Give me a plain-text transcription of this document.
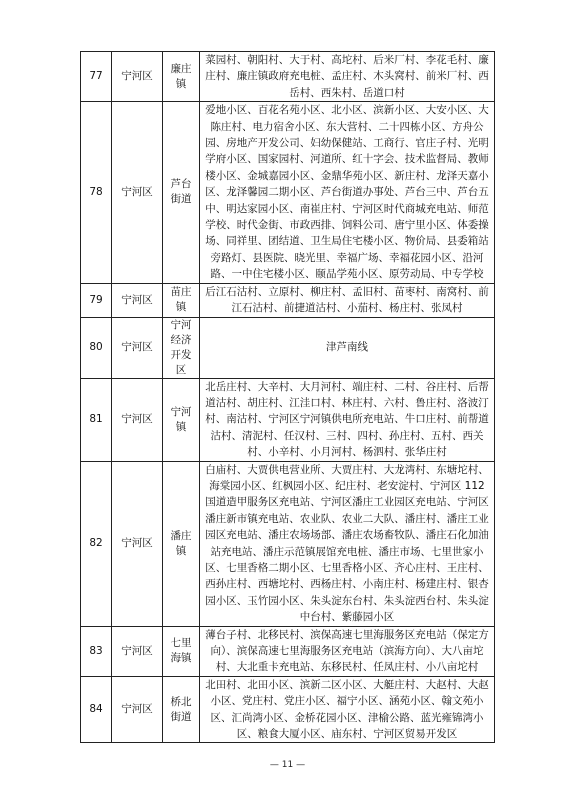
77	宁河区	廉庄镇	菜园村、朝阳村、大于村、高坨村、后米厂村、李花毛村、廉庄村、廉庄镇政府充电桩、孟庄村、木头窝村、前米厂村、西岳村、西朱村、岳道口村
78	宁河区	芦台街道	爱地小区、百花名苑小区、北小区、滨新小区、大安小区、大陈庄村、电力宿舍小区、东大营村、二十四栋小区、方舟公园、房地产开发公司、妇幼保健站、工商行、官庄子村、光明学府小区、国家园村、河道所、红十字会、技术监督局、教师楼小区、金城嘉园小区、金鼎华苑小区、新庄村、龙泽天嘉小区、龙泽馨园二期小区、芦台街道办事处、芦台三中、芦台五中、明达家园小区、南崔庄村、宁河区时代商城充电站、师范学校、时代金街、市政西排、饲料公司、唐宁里小区、体委操场、同祥里、团结道、卫生局住宅楼小区、物价局、县委箱站旁路灯、县医院、晓光里、幸福广场、幸福花园小区、沿河路、一中住宅楼小区、颐品学苑小区、原劳动局、中专学校
79	宁河区	苗庄镇	后江石沽村、立原村、柳庄村、孟旧村、苗枣村、南窝村、前江石沽村、前捷道沽村、小茄村、杨庄村、张凤村
80	宁河区	宁河经济开发区	津芦南线
81	宁河区	宁河镇	北岳庄村、大辛村、大月河村、端庄村、二村、谷庄村、后帮道沽村、胡庄村、江洼口村、林庄村、六村、鲁庄村、洛波汀村、南沽村、宁河区宁河镇供电所充电站、牛口庄村、前帮道沽村、清泥村、任汉村、三村、四村、孙庄村、五村、西关村、小辛村、小月河村、杨泗村、张华庄村
82	宁河区	潘庄镇	白庙村、大贾供电营业所、大贾庄村、大龙湾村、东塘坨村、海棠园小区、红枫园小区、纪庄村、老安淀村、宁河区 112 国道造甲服务区充电站、宁河区潘庄工业园区充电站、宁河区潘庄新市镇充电站、农业队、农业二大队、潘庄村、潘庄工业园区充电站、潘庄农场场部、潘庄农场畜牧队、潘庄石化加油站充电站、潘庄示范镇展馆充电桩、潘庄市场、七里世家小区、七里香格二期小区、七里香格小区、齐心庄村、王庄村、西孙庄村、西塘坨村、西杨庄村、小南庄村、杨建庄村、银杏园小区、玉竹园小区、朱头淀东台村、朱头淀西台村、朱头淀中台村、紫藤园小区
83	宁河区	七里海镇	薄台子村、北移民村、滨保高速七里海服务区充电站（保定方向）、滨保高速七里海服务区充电站（滨海方向）、大八亩坨村、大北重卡充电站、东移民村、任凤庄村、小八亩坨村
84	宁河区	桥北街道	北田村、北田小区、滨新二区小区、大艇庄村、大赵村、大赵小区、党庄村、党庄小区、福宁小区、涵苑小区、翰文苑小区、汇尚湾小区、金桥花园小区、津榆公路、蓝光雍锦湾小区、粮食大厦小区、庙东村、宁河区贸易开发区
— 11 —
